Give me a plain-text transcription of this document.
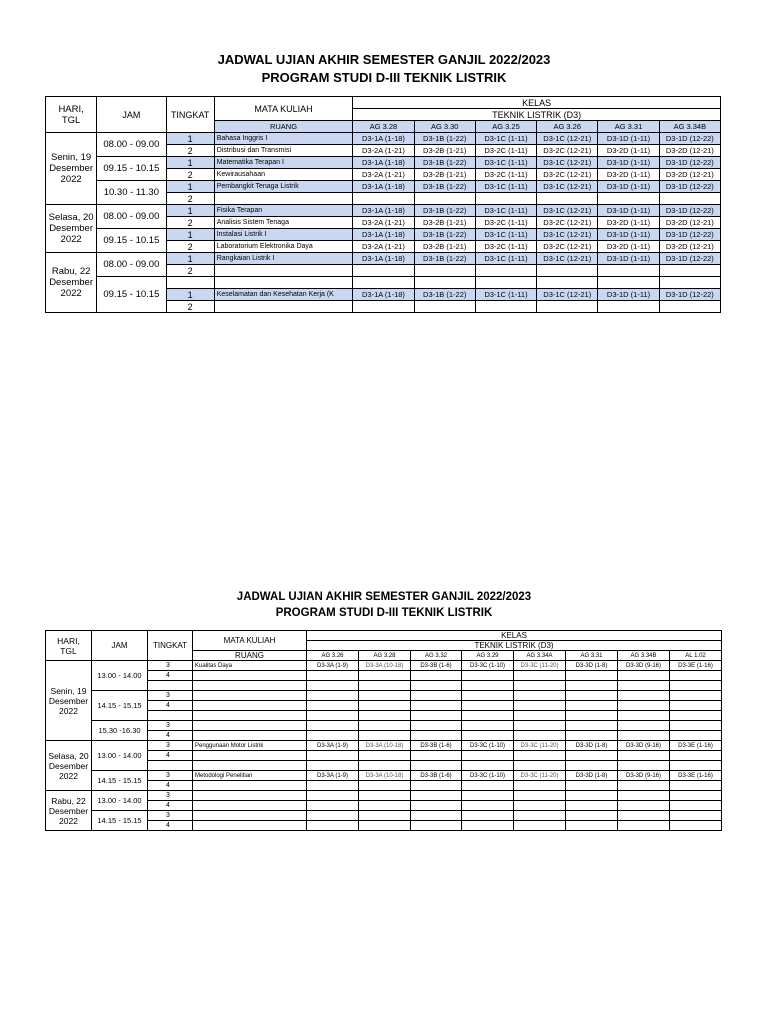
JADWAL UJIAN AKHIR SEMESTER GANJIL 2022/2023
PROGRAM STUDI D-III TEKNIK LISTRIK
HARI, TGL	JAM	TINGKAT	MATA KULIAH	KELAS					
				TEKNIK LISTRIK (D3)					
			RUANG	AG 3.28	AG 3.30	AG 3.25	AG 3.26	AG 3.31	AG 3.34B
Senin, 19 Desember 2022	08.00 - 09.00	1	Bahasa Inggris I	D3-1A (1-18)	D3-1B (1-22)	D3-1C (1-11)	D3-1C (12-21)	D3-1D (1-11)	D3-1D (12-22)
		2	Distribusi dan Transmisi	D3-2A (1-21)	D3-2B (1-21)	D3-2C (1-11)	D3-2C (12-21)	D3-2D (1-11)	D3-2D (12-21)
	09.15 - 10.15	1	Matematika Terapan I	D3-1A (1-18)	D3-1B (1-22)	D3-1C (1-11)	D3-1C (12-21)	D3-1D (1-11)	D3-1D (12-22)
		2	Kewirausahaan	D3-2A (1-21)	D3-2B (1-21)	D3-2C (1-11)	D3-2C (12-21)	D3-2D (1-11)	D3-2D (12-21)
	10.30 - 11.30	1	Pembangkit Tenaga Listrik	D3-1A (1-18)	D3-1B (1-22)	D3-1C (1-11)	D3-1C (12-21)	D3-1D (1-11)	D3-1D (12-22)
		2							
Selasa, 20 Desember 2022	08.00 - 09.00	1	Fisika Terapan	D3-1A (1-18)	D3-1B (1-22)	D3-1C (1-11)	D3-1C (12-21)	D3-1D (1-11)	D3-1D (12-22)
		2	Analisis Sistem Tenaga	D3-2A (1-21)	D3-2B (1-21)	D3-2C (1-11)	D3-2C (12-21)	D3-2D (1-11)	D3-2D (12-21)
	09.15 - 10.15	1	Instalasi Listrik I	D3-1A (1-18)	D3-1B (1-22)	D3-1C (1-11)	D3-1C (12-21)	D3-1D (1-11)	D3-1D (12-22)
		2	Laboratorium Elektronika Daya	D3-2A (1-21)	D3-2B (1-21)	D3-2C (1-11)	D3-2C (12-21)	D3-2D (1-11)	D3-2D (12-21)
Rabu, 22 Desember 2022	08.00 - 09.00	1	Rangkaian Listrik I	D3-1A (1-18)	D3-1B (1-22)	D3-1C (1-11)	D3-1C (12-21)	D3-1D (1-11)	D3-1D (12-22)
		2							
	09.15 - 10.15								
		1	Keselamatan dan Kesehatan Kerja (K	D3-1A (1-18)	D3-1B (1-22)	D3-1C (1-11)	D3-1C (12-21)	D3-1D (1-11)	D3-1D (12-22)
		2							
JADWAL UJIAN AKHIR SEMESTER GANJIL 2022/2023
PROGRAM STUDI D-III TEKNIK LISTRIK
HARI, TGL	JAM	TINGKAT	MATA KULIAH	KELAS							
				TEKNIK LISTRIK (D3)							
			RUANG	AG 3.26	AG 3.28	AG 3.32	AG 3.29	AG 3.34A	AG 3.31	AG 3.34B	AL 1.02
Senin, 19 Desember 2022	13.00 - 14.00	3	Kualitas Daya	D3-3A (1-9)	D3-3A (10-18)	D3-3B (1-6)	D3-3C (1-10)	D3-3C (11-20)	D3-3D (1-8)	D3-3D (9-16)	D3-3E (1-16)
		4									

	14.15 - 15.15	3									
		4									

	15.30 -16.30	3									
		4									
Selasa, 20 Desember 2022	13.00 - 14.00	3	Penggunaan Motor Listrik	D3-3A (1-9)	D3-3A (10-18)	D3-3B (1-6)	D3-3C (1-10)	D3-3C (11-20)	D3-3D (1-8)	D3-3D (9-16)	D3-3E (1-16)
		4									

	14.15 - 15.15	3	Metodologi Penelitian	D3-3A (1-9)	D3-3A (10-18)	D3-3B (1-6)	D3-3C (1-10)	D3-3C (11-20)	D3-3D (1-8)	D3-3D (9-16)	D3-3E (1-16)
		4									
Rabu, 22 Desember 2022	13.00 - 14.00	3									
		4									
	14.15 - 15.15	3									
		4									
